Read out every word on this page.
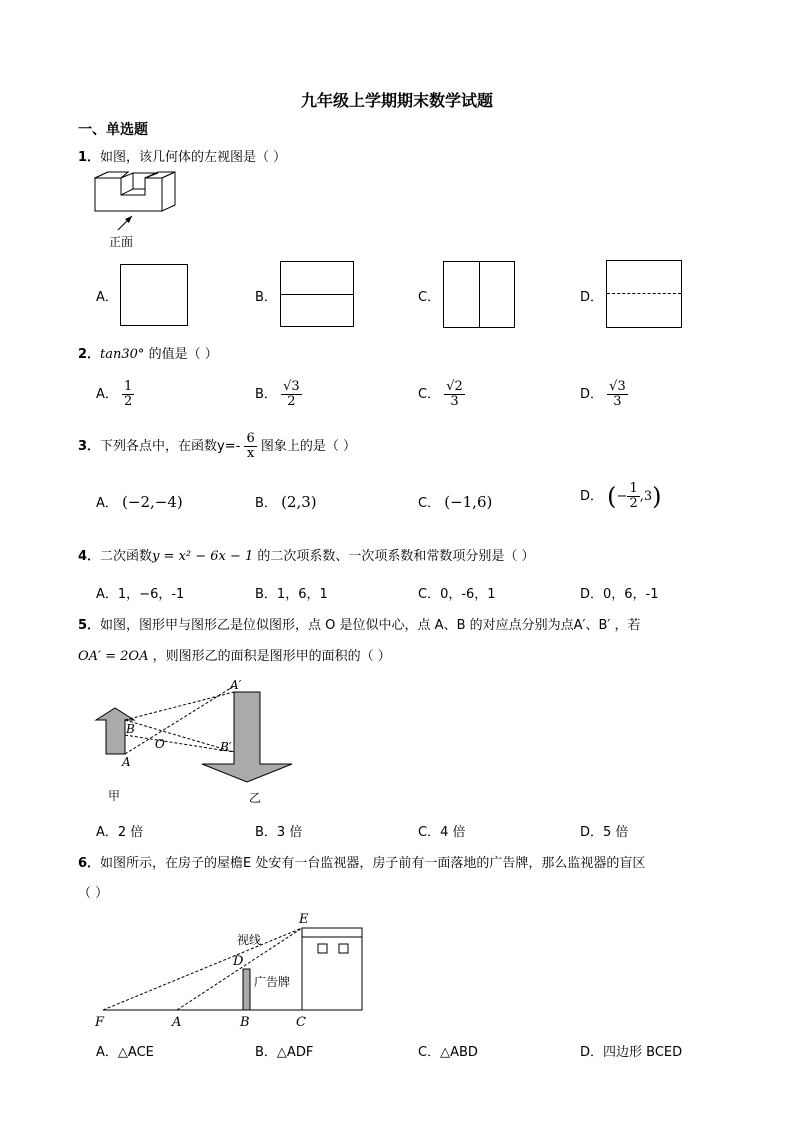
九年级上学期期末数学试题
一、单选题
1．如图，该几何体的左视图是（ ）
正面
A．	B．	C．	D．
2．tan30° 的值是（ ）
A． $\frac{1}{2}$	B． $\frac{√3}{2}$	C． $\frac{√2}{3}$	D． $\frac{√3}{3}$
3．下列各点中，在函数$y=- \frac{6}{x}$ 图象上的是（ ）
A． (−2,−4)	B． (2,3)	C． (−1,6)	D． (− $\frac{1}{2} ,3$)
4．二次函数y = x² − 6x − 1 的二次项系数、一次项系数和常数项分别是（ ）
A．1，−6，-1	B．1，6，1	C．0，-6，1	D．0，6，-1
5．如图，图形甲与图形乙是位似图形，点 O 是位似中心，点 A、B 的对应点分别为点A′、B′ ，若
OA′ = 2OA ，则图形乙的面积是图形甲的面积的（ ）
A′
B′
B
A
O
甲	乙
A．2 倍	B．3 倍	C．4 倍	D．5 倍
6．如图所示，在房子的屋檐E 处安有一台监视器，房子前有一面落地的广告牌，那么监视器的盲区
（ ）
E
D
F	A	B	C
视线
广告牌
A．△ACE	B．△ADF	C．△ABD	D．四边形 BCED
